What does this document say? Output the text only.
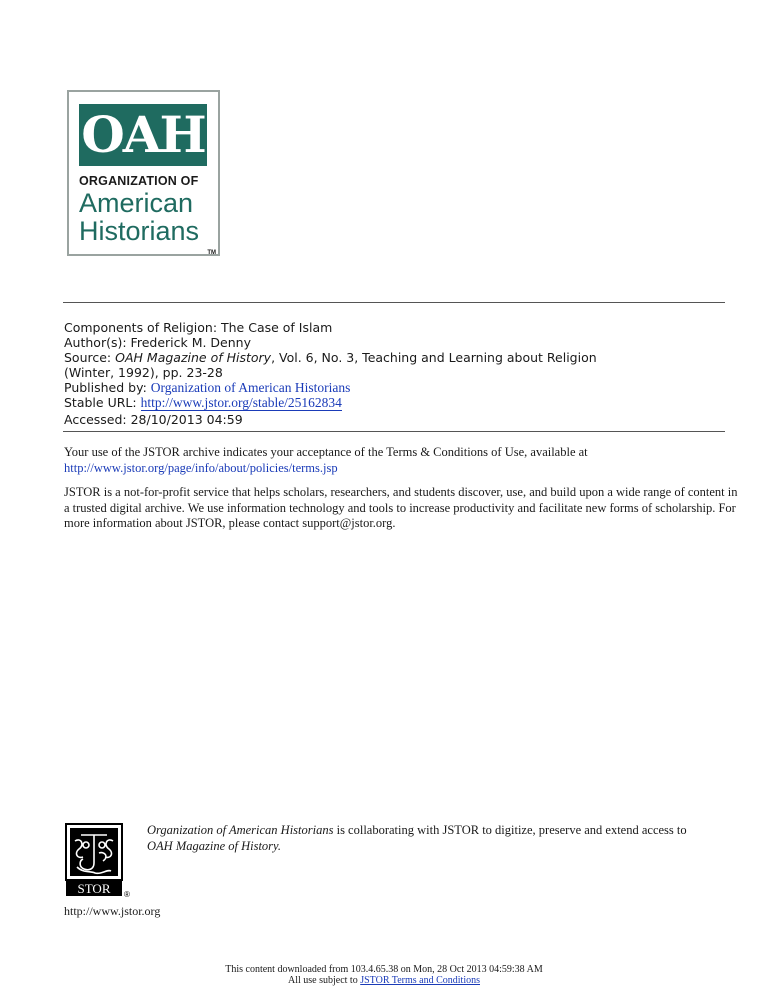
OAH
ORGANIZATION OF
American
Historians
TM
Components of Religion: The Case of Islam
Author(s): Frederick M. Denny
Source: OAH Magazine of History, Vol. 6, No. 3, Teaching and Learning about Religion
(Winter, 1992), pp. 23-28
Published by: Organization of American Historians
Stable URL: http://www.jstor.org/stable/25162834
Accessed: 28/10/2013 04:59
Your use of the JSTOR archive indicates your acceptance of the Terms & Conditions of Use, available at
http://www.jstor.org/page/info/about/policies/terms.jsp
JSTOR is a not-for-profit service that helps scholars, researchers, and students discover, use, and build upon a wide range of content in a trusted digital archive. We use information technology and tools to increase productivity and facilitate new forms of scholarship. For more information about JSTOR, please contact support@jstor.org.
STOR ®
Organization of American Historians is collaborating with JSTOR to digitize, preserve and extend access to
OAH Magazine of History.
http://www.jstor.org
This content downloaded from 103.4.65.38 on Mon, 28 Oct 2013 04:59:38 AM
All use subject to JSTOR Terms and Conditions
